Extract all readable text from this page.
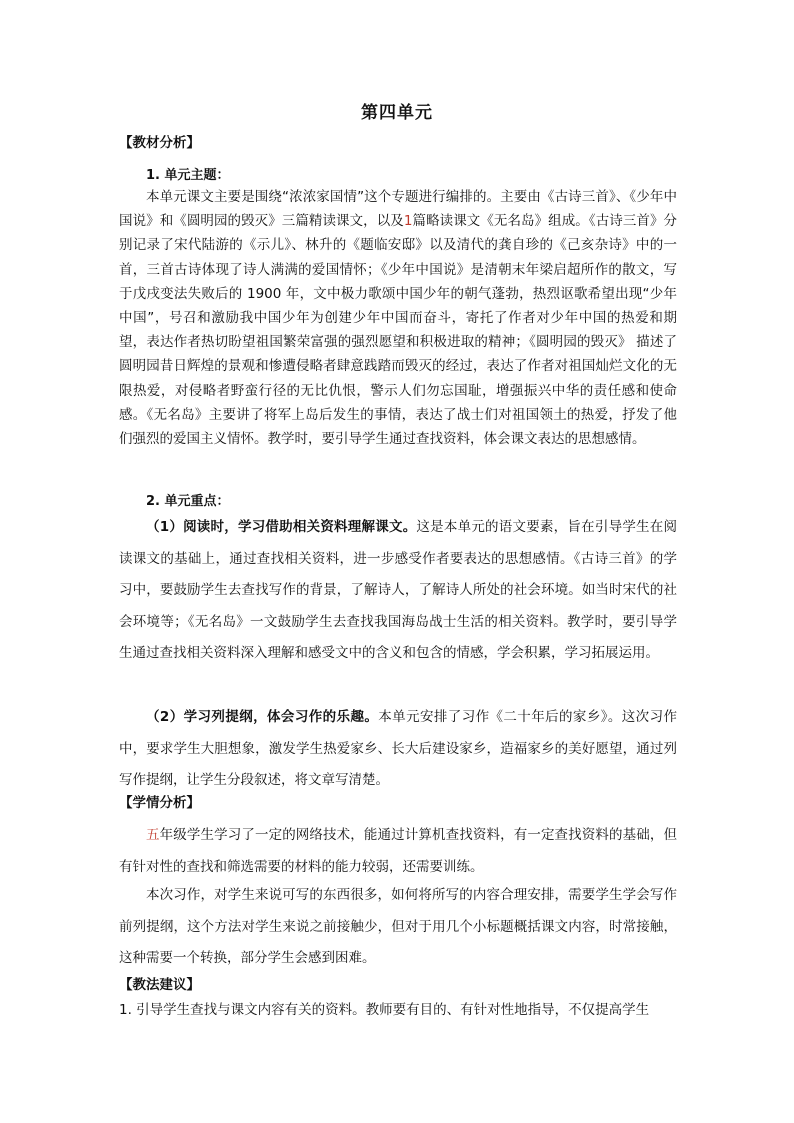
第四单元
【教材分析】
1. 单元主题：
本单元课文主要是围绕“浓浓家国情”这个专题进行编排的。主要由《古诗三首》、《少年中国说》和《圆明园的毁灭》三篇精读课文，以及1篇略读课文《无名岛》组成。《古诗三首》分别记录了宋代陆游的《示儿》、林升的《题临安邸》以及清代的龚自珍的《己亥杂诗》中的一首，三首古诗体现了诗人满满的爱国情怀；《少年中国说》是清朝末年梁启超所作的散文，写于戊戌变法失败后的 1900 年，文中极力歌颂中国少年的朝气蓬勃，热烈讴歌希望出现“少年中国”，号召和激励我中国少年为创建少年中国而奋斗，寄托了作者对少年中国的热爱和期望，表达作者热切盼望祖国繁荣富强的强烈愿望和积极进取的精神；《圆明园的毁灭》 描述了圆明园昔日辉煌的景观和惨遭侵略者肆意践踏而毁灭的经过，表达了作者对祖国灿烂文化的无限热爱，对侵略者野蛮行径的无比仇恨，警示人们勿忘国耻，增强振兴中华的责任感和使命感。《无名岛》主要讲了将军上岛后发生的事情，表达了战士们对祖国领土的热爱，抒发了他们强烈的爱国主义情怀。教学时，要引导学生通过查找资料，体会课文表达的思想感情。
2. 单元重点：
（1）阅读时，学习借助相关资料理解课文。这是本单元的语文要素，旨在引导学生在阅读课文的基础上，通过查找相关资料，进一步感受作者要表达的思想感情。《古诗三首》的学习中，要鼓励学生去查找写作的背景，了解诗人，了解诗人所处的社会环境。如当时宋代的社会环境等；《无名岛》一文鼓励学生去查找我国海岛战士生活的相关资料。教学时，要引导学生通过查找相关资料深入理解和感受文中的含义和包含的情感，学会积累，学习拓展运用。
（2）学习列提纲，体会习作的乐趣。本单元安排了习作《二十年后的家乡》。这次习作中，要求学生大胆想象，激发学生热爱家乡、长大后建设家乡，造福家乡的美好愿望，通过列写作提纲，让学生分段叙述，将文章写清楚。
【学情分析】
五年级学生学习了一定的网络技术，能通过计算机查找资料，有一定查找资料的基础，但有针对性的查找和筛选需要的材料的能力较弱，还需要训练。
本次习作，对学生来说可写的东西很多，如何将所写的内容合理安排，需要学生学会写作前列提纲，这个方法对学生来说之前接触少，但对于用几个小标题概括课文内容，时常接触，这种需要一个转换，部分学生会感到困难。
【教法建议】
1. 引导学生查找与课文内容有关的资料。教师要有目的、有针对性地指导，不仅提高学生
